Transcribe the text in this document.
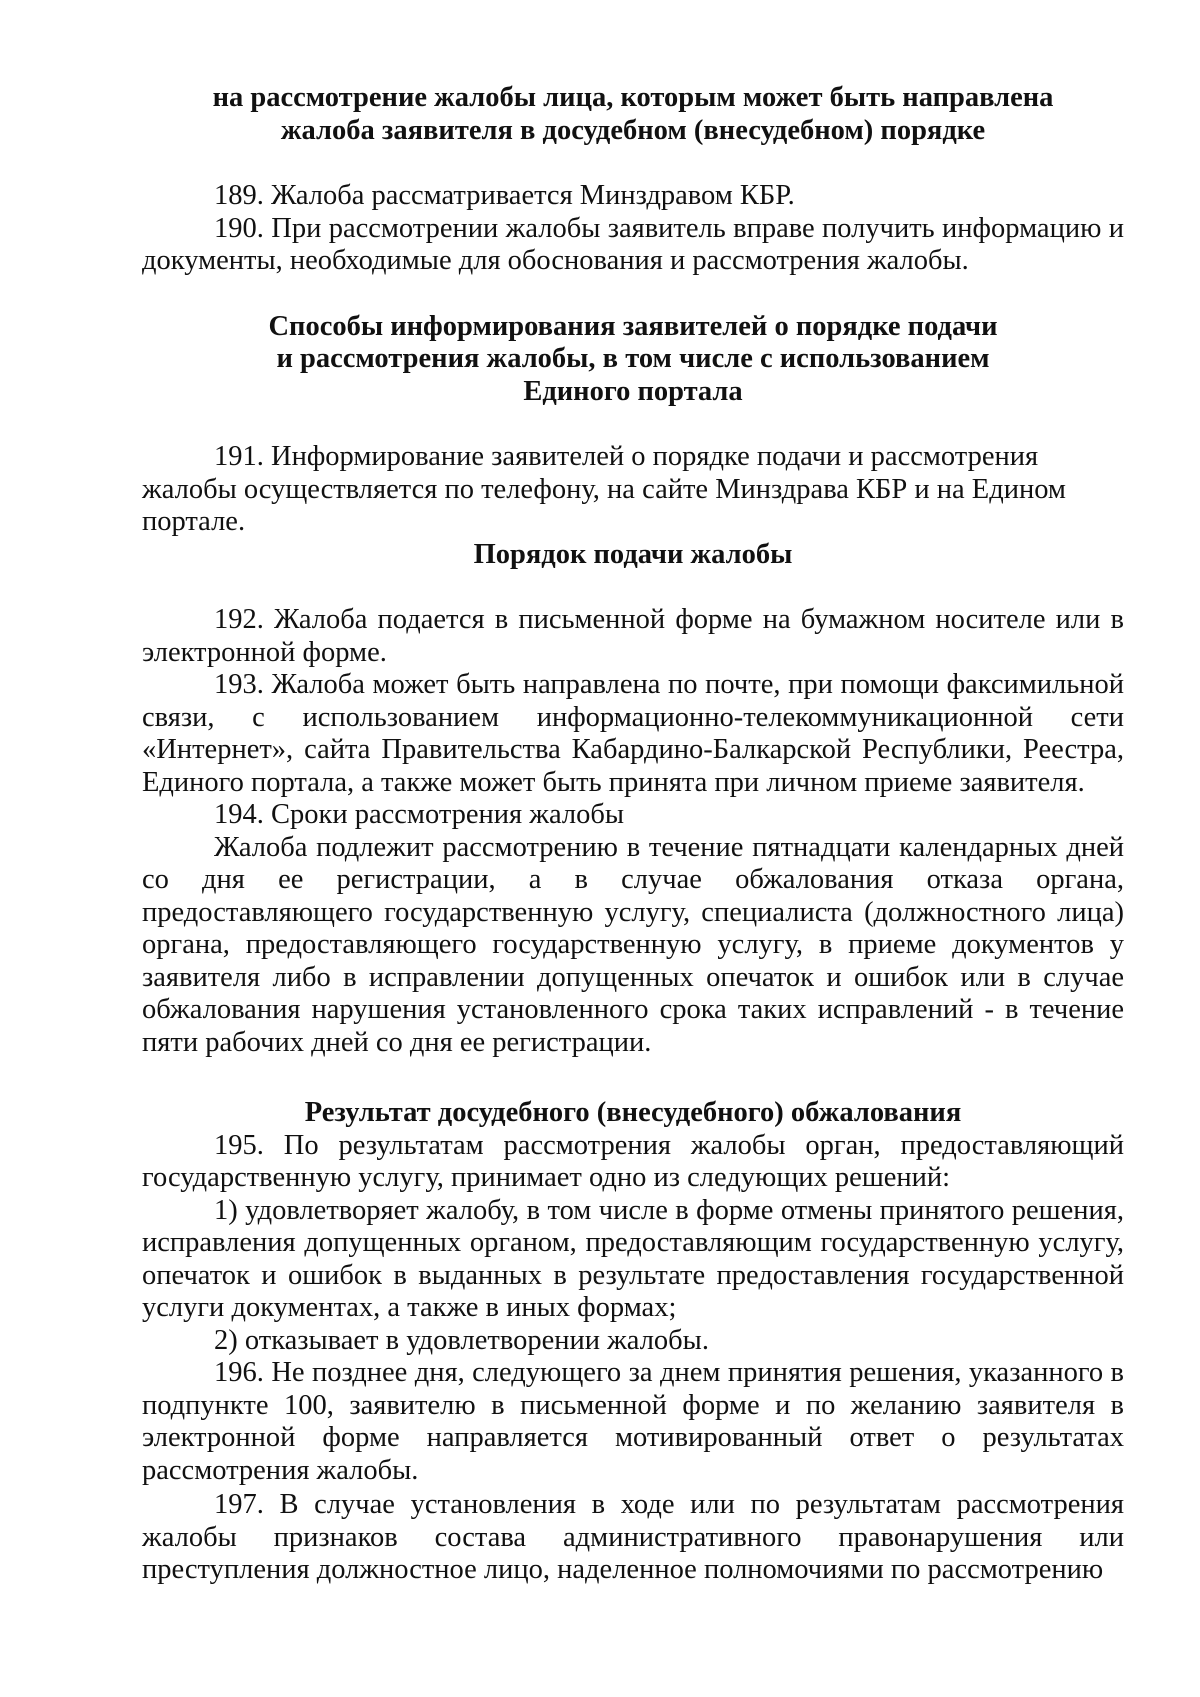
на рассмотрение жалобы лица, которым может быть направлена
жалоба заявителя в досудебном (внесудебном) порядке

189. Жалоба рассматривается Минздравом КБР.

190. При рассмотрении жалобы заявитель вправе получить информацию и документы, необходимые для обоснования и рассмотрения жалобы.

Способы информирования заявителей о порядке подачи
и рассмотрения жалобы, в том числе с использованием
Единого портала

191. Информирование заявителей о порядке подачи и рассмотрения жалобы осуществляется по телефону, на сайте Минздрава КБР и на Едином портале.

Порядок подачи жалобы

192. Жалоба подается в письменной форме на бумажном носителе или в электронной форме.

193. Жалоба может быть направлена по почте, при помощи факсимильной связи, с использованием информационно-телекоммуникационной сети «Интернет», сайта Правительства Кабардино-Балкарской Республики, Реестра, Единого портала, а также может быть принята при личном приеме заявителя.

194. Сроки рассмотрения жалобы

Жалоба подлежит рассмотрению в течение пятнадцати календарных дней со дня ее регистрации, а в случае обжалования отказа органа, предоставляющего государственную услугу, специалиста (должностного лица) органа, предоставляющего государственную услугу, в приеме документов у заявителя либо в исправлении допущенных опечаток и ошибок или в случае обжалования нарушения установленного срока таких исправлений - в течение пяти рабочих дней со дня ее регистрации.

Результат досудебного (внесудебного) обжалования

195. По результатам рассмотрения жалобы орган, предоставляющий государственную услугу, принимает одно из следующих решений:

1) удовлетворяет жалобу, в том числе в форме отмены принятого решения, исправления допущенных органом, предоставляющим государственную услугу, опечаток и ошибок в выданных в результате предоставления государственной услуги документах, а также в иных формах;

2) отказывает в удовлетворении жалобы.

196. Не позднее дня, следующего за днем принятия решения, указанного в подпункте 100, заявителю в письменной форме и по желанию заявителя в электронной форме направляется мотивированный ответ о результатах рассмотрения жалобы.

197. В случае установления в ходе или по результатам рассмотрения жалобы признаков состава административного правонарушения или преступления должностное лицо, наделенное полномочиями по рассмотрению
